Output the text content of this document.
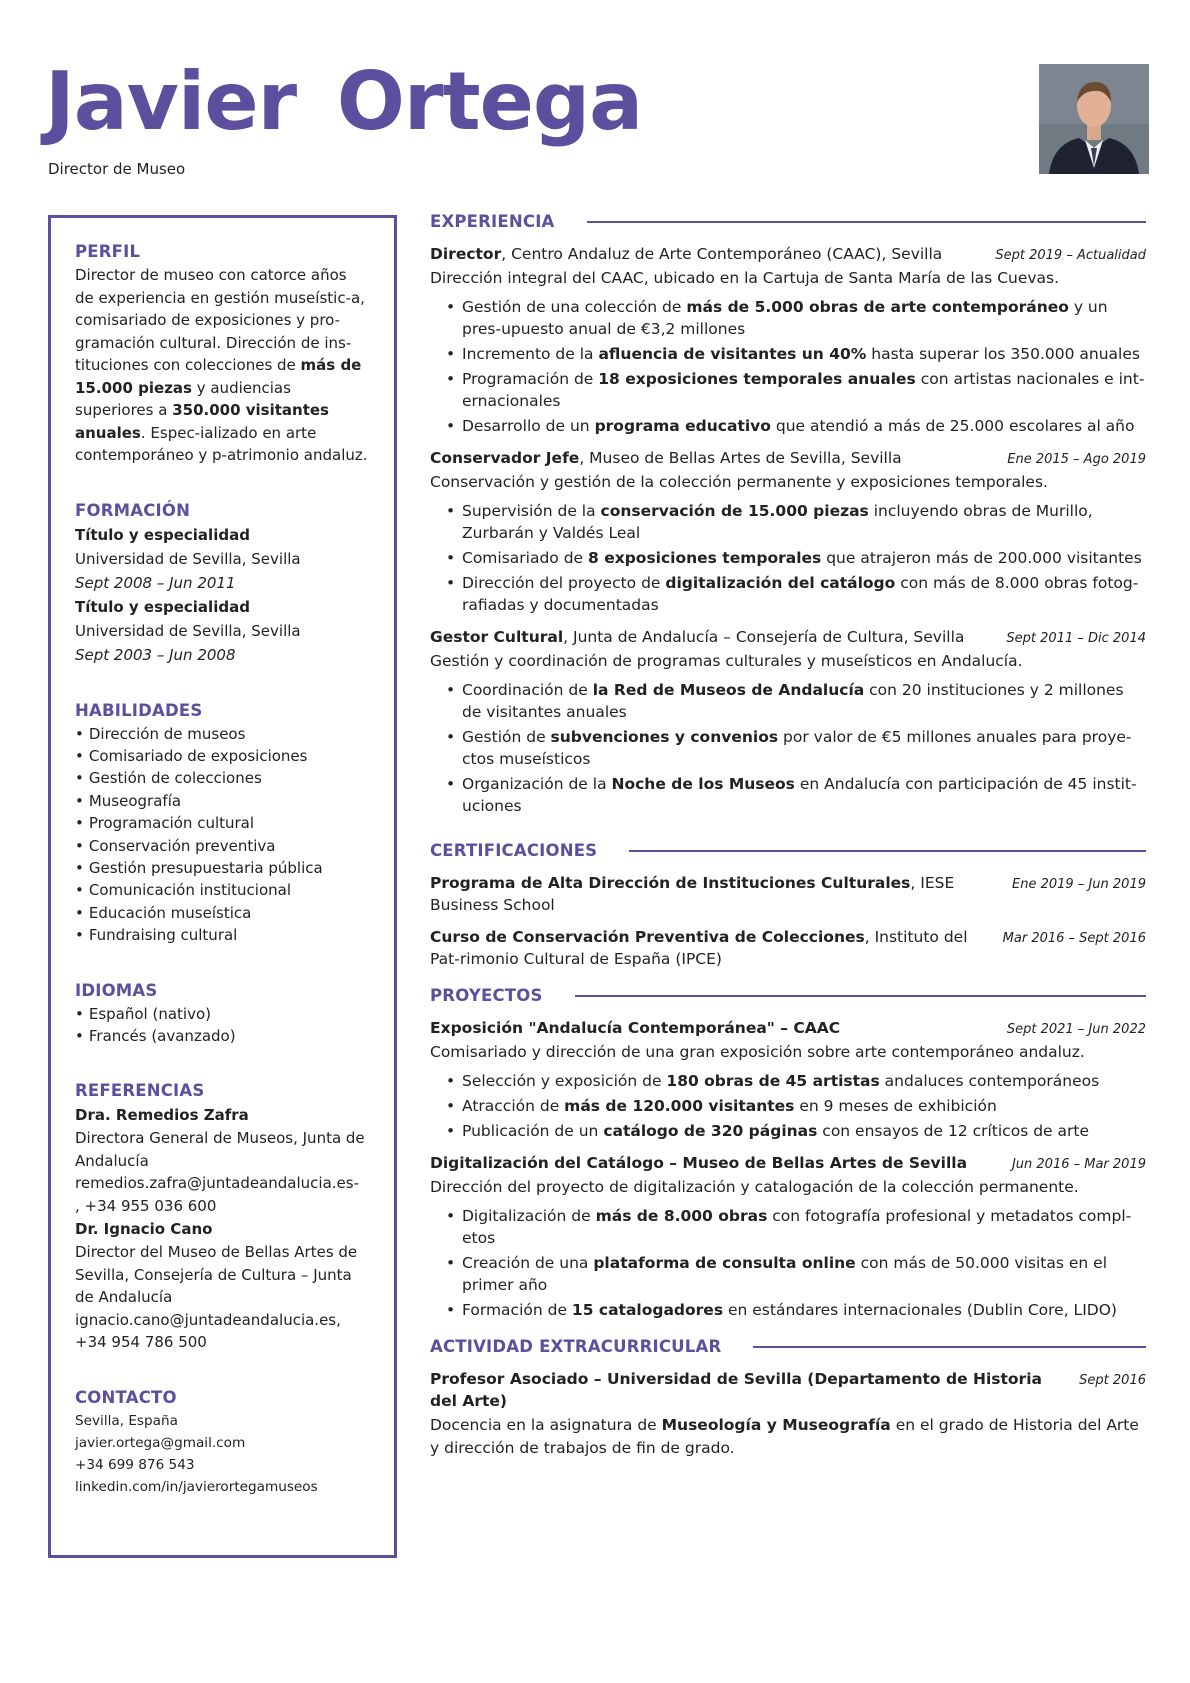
Javier Ortega
Director de Museo
PERFIL

Director de museo con catorce años de experiencia en gestión museístic-a, comisariado de exposiciones y pro-gramación cultural. Dirección de ins-tituciones con colecciones de más de 15.000 piezas y audiencias superiores a 350.000 visitantes anuales. Espec-ializado en arte contemporáneo y p-atrimonio andaluz.

FORMACIÓN
Título y especialidad
Universidad de Sevilla, Sevilla
Sept 2008 – Jun 2011
Título y especialidad
Universidad de Sevilla, Sevilla
Sept 2003 – Jun 2008
HABILIDADES
• Dirección de museos
• Comisariado de exposiciones
• Gestión de colecciones
• Museografía
• Programación cultural
• Conservación preventiva
• Gestión presupuestaria pública
• Comunicación institucional
• Educación museística
• Fundraising cultural
IDIOMAS
• Español (nativo)
• Francés (avanzado)
REFERENCIAS
Dra. Remedios Zafra
Directora General de Museos, Junta de Andalucía
remedios.zafra@juntadeandalucia.es-
, +34 955 036 600
Dr. Ignacio Cano
Director del Museo de Bellas Artes de Sevilla, Consejería de Cultura – Junta de Andalucía
ignacio.cano@juntadeandalucia.es,
+34 954 786 500
CONTACTO
Sevilla, España
javier.ortega@gmail.com
+34 699 876 543
linkedin.com/in/javierortegamuseos
EXPERIENCIA
Director, Centro Andaluz de Arte Contemporáneo (CAAC), Sevilla	Sept 2019 – Actualidad
Dirección integral del CAAC, ubicado en la Cartuja de Santa María de las Cuevas.
• Gestión de una colección de más de 5.000 obras de arte contemporáneo y un pres-upuesto anual de €3,2 millones
• Incremento de la afluencia de visitantes un 40% hasta superar los 350.000 anuales
• Programación de 18 exposiciones temporales anuales con artistas nacionales e int-ernacionales
• Desarrollo de un programa educativo que atendió a más de 25.000 escolares al año
Conservador Jefe, Museo de Bellas Artes de Sevilla, Sevilla	Ene 2015 – Ago 2019
Conservación y gestión de la colección permanente y exposiciones temporales.
• Supervisión de la conservación de 15.000 piezas incluyendo obras de Murillo, Zurbarán y Valdés Leal
• Comisariado de 8 exposiciones temporales que atrajeron más de 200.000 visitantes
• Dirección del proyecto de digitalización del catálogo con más de 8.000 obras fotog-rafiadas y documentadas
Gestor Cultural, Junta de Andalucía – Consejería de Cultura, Sevilla	Sept 2011 – Dic 2014
Gestión y coordinación de programas culturales y museísticos en Andalucía.
• Coordinación de la Red de Museos de Andalucía con 20 instituciones y 2 millones de visitantes anuales
• Gestión de subvenciones y convenios por valor de €5 millones anuales para proye-ctos museísticos
• Organización de la Noche de los Museos en Andalucía con participación de 45 instit-uciones
CERTIFICACIONES
Programa de Alta Dirección de Instituciones Culturales, IESE Business School
Ene 2019 – Jun 2019
Curso de Conservación Preventiva de Colecciones, Instituto del Pat-rimonio Cultural de España (IPCE)
Mar 2016 – Sept 2016
PROYECTOS
Exposición "Andalucía Contemporánea" – CAAC	Sept 2021 – Jun 2022
Comisariado y dirección de una gran exposición sobre arte contemporáneo andaluz.
• Selección y exposición de 180 obras de 45 artistas andaluces contemporáneos
• Atracción de más de 120.000 visitantes en 9 meses de exhibición
• Publicación de un catálogo de 320 páginas con ensayos de 12 críticos de arte
Digitalización del Catálogo – Museo de Bellas Artes de Sevilla	Jun 2016 – Mar 2019
Dirección del proyecto de digitalización y catalogación de la colección permanente.
• Digitalización de más de 8.000 obras con fotografía profesional y metadatos compl-etos
• Creación de una plataforma de consulta online con más de 50.000 visitas en el primer año
• Formación de 15 catalogadores en estándares internacionales (Dublin Core, LIDO)
ACTIVIDAD EXTRACURRICULAR
Profesor Asociado – Universidad de Sevilla (Departamento de Historia del Arte)
Sept 2016
Docencia en la asignatura de Museología y Museografía en el grado de Historia del Arte y dirección de trabajos de fin de grado.
